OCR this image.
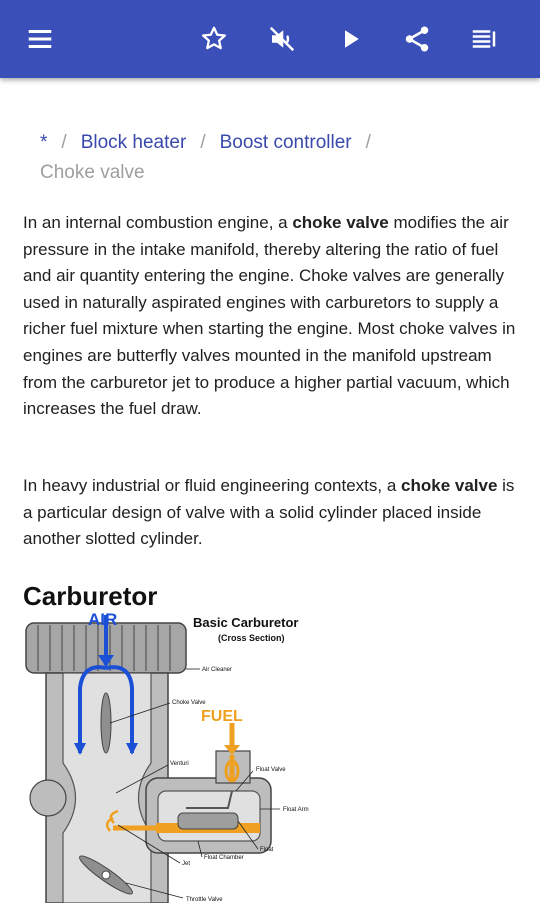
* / Block heater / Boost controller /
Choke valve
In an internal combustion engine, a choke valve modifies the air pressure in the intake manifold, thereby altering the ratio of fuel and air quantity entering the engine. Choke valves are generally used in naturally aspirated engines with carburetors to supply a richer fuel mixture when starting the engine. Most choke valves in engines are butterfly valves mounted in the manifold upstream from the carburetor jet to produce a higher partial vacuum, which increases the fuel draw.
In heavy industrial or fluid engineering contexts, a choke valve is a particular design of valve with a solid cylinder placed inside another slotted cylinder.
Carburetor
AIR	Basic Carburetor
(Cross Section)
FUEL
Air Cleaner
Choke Valve
Venturi
Float Valve
Float Arm
Float
Float Chamber
Jet
Throttle Valve
